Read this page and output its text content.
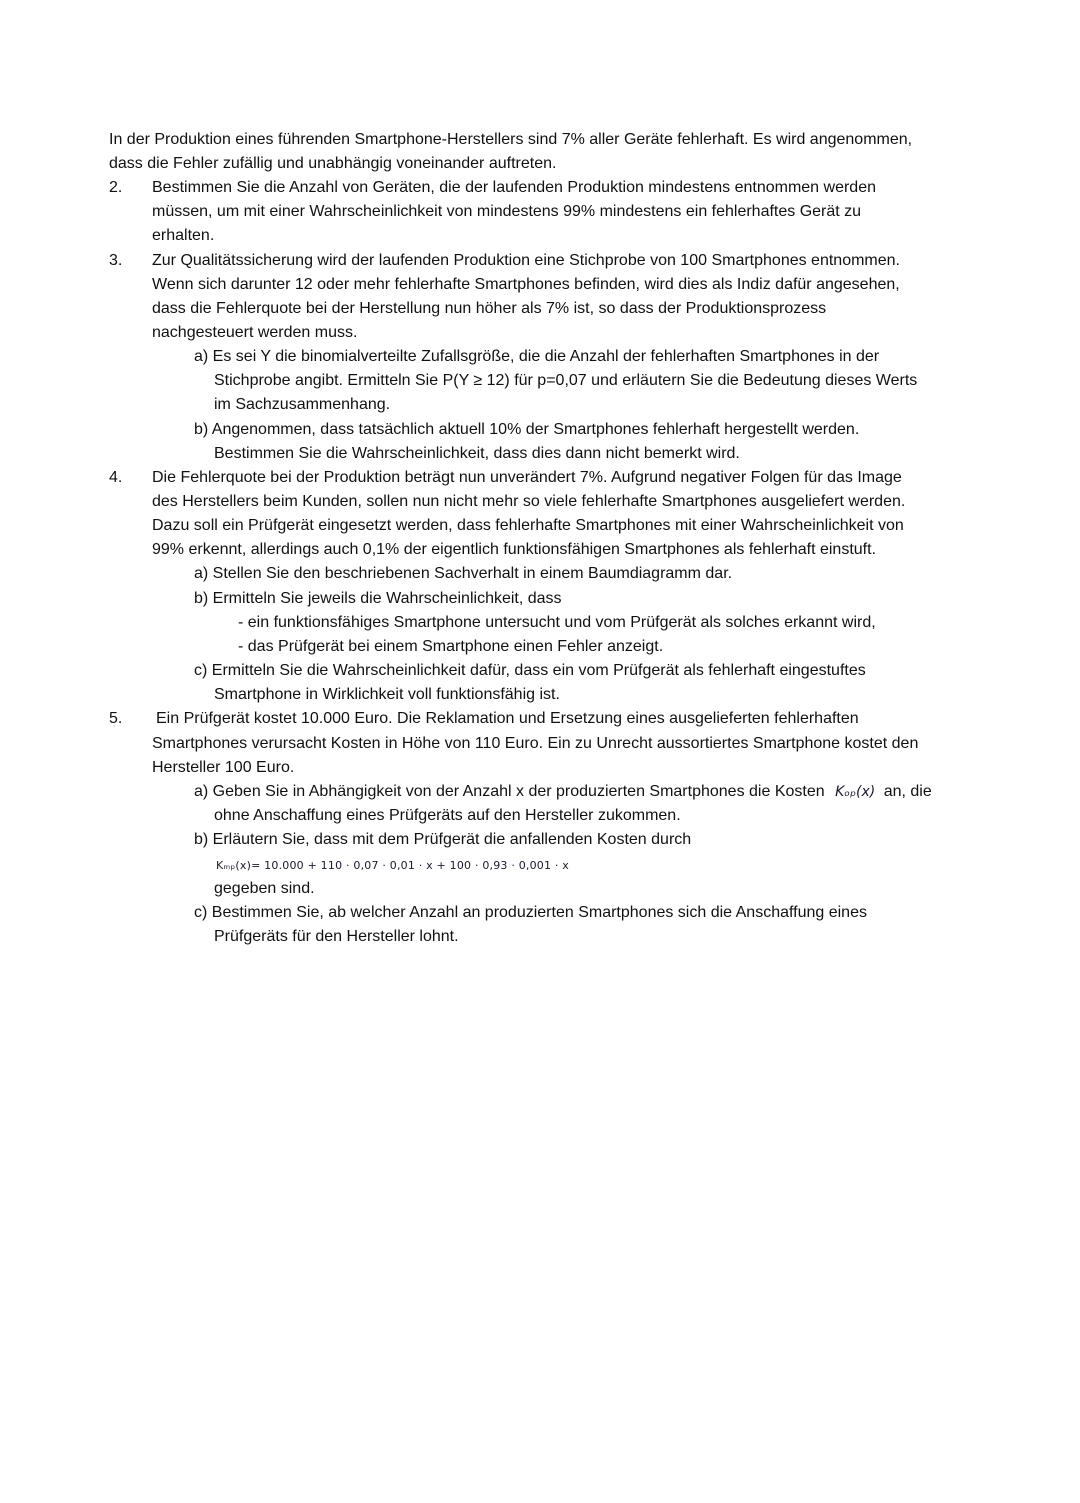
In der Produktion eines führenden Smartphone-Herstellers sind 7% aller Geräte fehlerhaft. Es wird angenommen,
dass die Fehler zufällig und unabhängig voneinander auftreten.
2. Bestimmen Sie die Anzahl von Geräten, die der laufenden Produktion mindestens entnommen werden
müssen, um mit einer Wahrscheinlichkeit von mindestens 99% mindestens ein fehlerhaftes Gerät zu
erhalten.
3. Zur Qualitätssicherung wird der laufenden Produktion eine Stichprobe von 100 Smartphones entnommen.
Wenn sich darunter 12 oder mehr fehlerhafte Smartphones befinden, wird dies als Indiz dafür angesehen,
dass die Fehlerquote bei der Herstellung nun höher als 7% ist, so dass der Produktionsprozess
nachgesteuert werden muss.
a) Es sei Y die binomialverteilte Zufallsgröße, die die Anzahl der fehlerhaften Smartphones in der
Stichprobe angibt. Ermitteln Sie P(Y ≥ 12) für p=0,07 und erläutern Sie die Bedeutung dieses Werts
im Sachzusammenhang.
b) Angenommen, dass tatsächlich aktuell 10% der Smartphones fehlerhaft hergestellt werden.
Bestimmen Sie die Wahrscheinlichkeit, dass dies dann nicht bemerkt wird.
4. Die Fehlerquote bei der Produktion beträgt nun unverändert 7%. Aufgrund negativer Folgen für das Image
des Herstellers beim Kunden, sollen nun nicht mehr so viele fehlerhafte Smartphones ausgeliefert werden.
Dazu soll ein Prüfgerät eingesetzt werden, dass fehlerhafte Smartphones mit einer Wahrscheinlichkeit von
99% erkennt, allerdings auch 0,1% der eigentlich funktionsfähigen Smartphones als fehlerhaft einstuft.
a) Stellen Sie den beschriebenen Sachverhalt in einem Baumdiagramm dar.
b) Ermitteln Sie jeweils die Wahrscheinlichkeit, dass
- ein funktionsfähiges Smartphone untersucht und vom Prüfgerät als solches erkannt wird,
- das Prüfgerät bei einem Smartphone einen Fehler anzeigt.
c) Ermitteln Sie die Wahrscheinlichkeit dafür, dass ein vom Prüfgerät als fehlerhaft eingestuftes
Smartphone in Wirklichkeit voll funktionsfähig ist.
5. Ein Prüfgerät kostet 10.000 Euro. Die Reklamation und Ersetzung eines ausgelieferten fehlerhaften
Smartphones verursacht Kosten in Höhe von 110 Euro. Ein zu Unrecht aussortiertes Smartphone kostet den
Hersteller 100 Euro.
a) Geben Sie in Abhängigkeit von der Anzahl x der produzierten Smartphones die Kosten Kₒₚ(x) an, die
ohne Anschaffung eines Prüfgeräts auf den Hersteller zukommen.
b) Erläutern Sie, dass mit dem Prüfgerät die anfallenden Kosten durch
Kₘₚ(x)= 10.000 + 110 · 0,07 · 0,01 · x + 100 · 0,93 · 0,001 · x
gegeben sind.
c) Bestimmen Sie, ab welcher Anzahl an produzierten Smartphones sich die Anschaffung eines
Prüfgeräts für den Hersteller lohnt.
